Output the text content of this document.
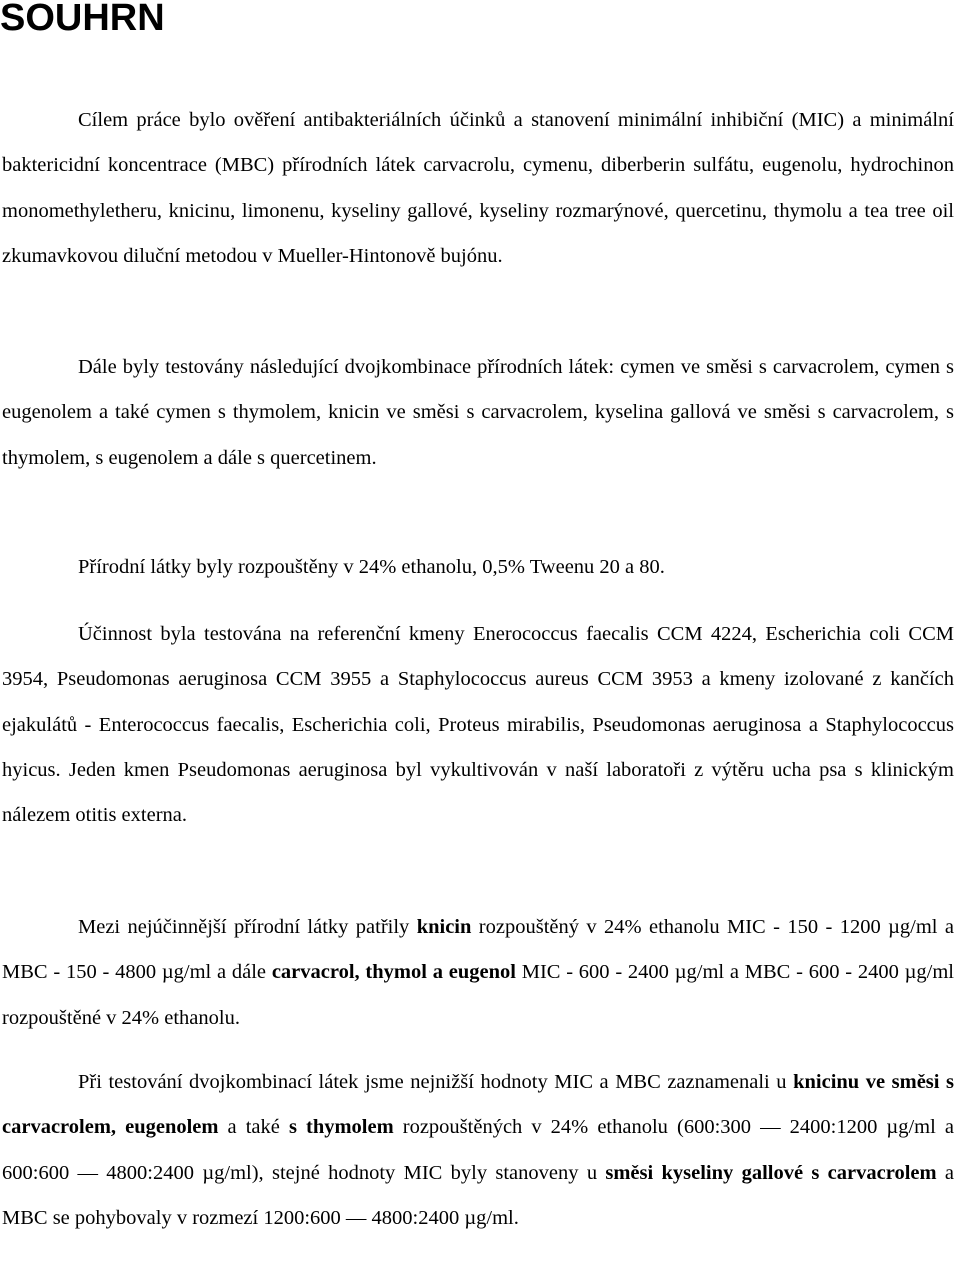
SOUHRN

Cílem práce bylo ověření antibakteriálních účinků a stanovení minimální inhibiční (MIC) a minimální baktericidní koncentrace (MBC) přírodních látek carvacrolu, cymenu, diberberin sulfátu, eugenolu, hydrochinon monomethyletheru, knicinu, limonenu, kyseliny gallové, kyseliny rozmarýnové, quercetinu, thymolu a tea tree oil zkumavkovou diluční metodou v Mueller-Hintonově bujónu.

Dále byly testovány následující dvojkombinace přírodních látek: cymen ve směsi s carvacrolem, cymen s eugenolem a také cymen s thymolem, knicin ve směsi s carvacrolem, kyselina gallová ve směsi s carvacrolem, s thymolem, s eugenolem a dále s quercetinem.

Přírodní látky byly rozpouštěny v 24% ethanolu, 0,5% Tweenu 20 a 80.

Účinnost byla testována na referenční kmeny Enerococcus faecalis CCM 4224, Escherichia coli CCM 3954, Pseudomonas aeruginosa CCM 3955 a Staphylococcus aureus CCM 3953 a kmeny izolované z kančích ejakulátů - Enterococcus faecalis, Escherichia coli, Proteus mirabilis, Pseudomonas aeruginosa a Staphylococcus hyicus. Jeden kmen Pseudomonas aeruginosa byl vykultivován v naší laboratoři z výtěru ucha psa s klinickým nálezem otitis externa.

Mezi nejúčinnější přírodní látky patřily knicin rozpouštěný v 24% ethanolu MIC - 150 - 1200 µg/ml a MBC - 150 - 4800 µg/ml a dále carvacrol, thymol a eugenol MIC - 600 - 2400 µg/ml a MBC - 600 - 2400 µg/ml rozpouštěné v 24% ethanolu.

Při testování dvojkombinací látek jsme nejnižší hodnoty MIC a MBC zaznamenali u knicinu ve směsi s carvacrolem, eugenolem a také s thymolem rozpouštěných v 24% ethanolu (600:300 — 2400:1200 µg/ml a 600:600 — 4800:2400 µg/ml), stejné hodnoty MIC byly stanoveny u směsi kyseliny gallové s carvacrolem a MBC se pohybovaly v rozmezí 1200:600 — 4800:2400 µg/ml.
